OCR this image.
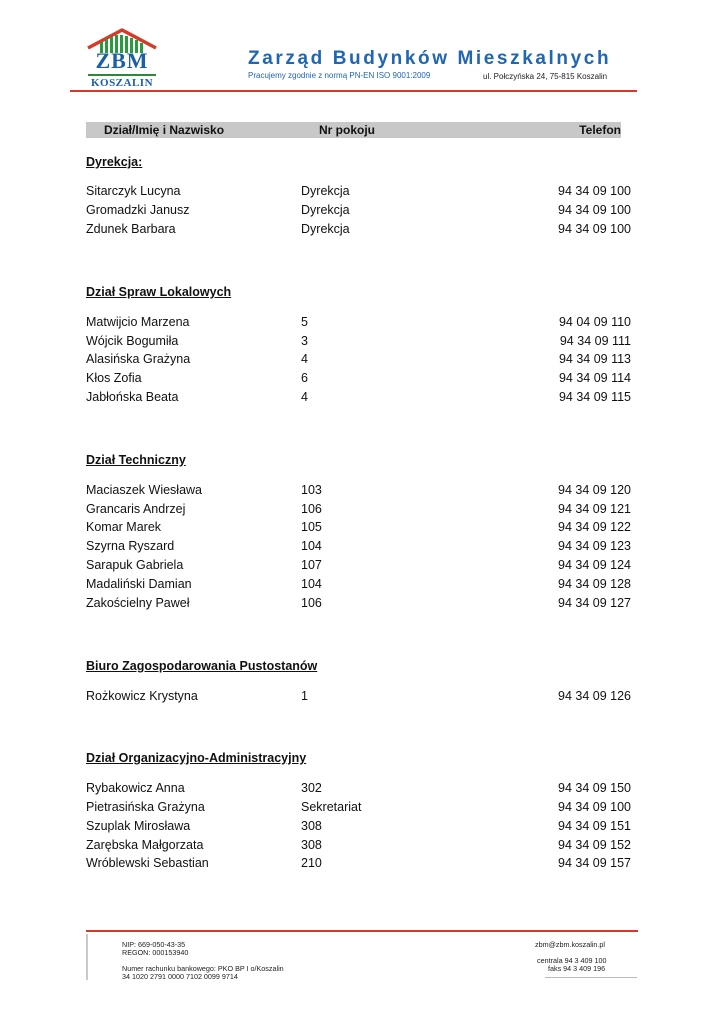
ZBM
KOSZALIN
Zarząd Budynków Mieszkalnych
Pracujemy zgodnie z normą PN-EN ISO 9001:2009	ul. Połczyńska 24, 75-815 Koszalin
Dział/Imię i Nazwisko	Nr pokoju	Telefon
Dyrekcja:
Sitarczyk Lucyna	Dyrekcja	94 34 09 100
Gromadzki Janusz	Dyrekcja	94 34 09 100
Zdunek Barbara	Dyrekcja	94 34 09 100
Dział Spraw Lokalowych
Matwijcio Marzena	5	94 04 09 110
Wójcik Bogumiła	3	94 34 09 111
Alasińska Grażyna	4	94 34 09 113
Kłos Zofia	6	94 34 09 114
Jabłońska Beata	4	94 34 09 115
Dział Techniczny
Maciaszek Wiesława	103	94 34 09 120
Grancaris Andrzej	106	94 34 09 121
Komar Marek	105	94 34 09 122
Szyrna Ryszard	104	94 34 09 123
Sarapuk Gabriela	107	94 34 09 124
Madaliński Damian	104	94 34 09 128
Zakościelny Paweł	106	94 34 09 127
Biuro Zagospodarowania Pustostanów
Rożkowicz Krystyna	1	94 34 09 126
Dział Organizacyjno-Administracyjny
Rybakowicz Anna	302	94 34 09 150
Pietrasińska Grażyna	Sekretariat	94 34 09 100
Szuplak Mirosława	308	94 34 09 151
Zarębska Małgorzata	308	94 34 09 152
Wróblewski Sebastian	210	94 34 09 157
NIP: 669-050-43-35
REGON: 000153940
Numer rachunku bankowego: PKO BP I o/Koszalin
34 1020 2791 0000 7102 0099 9714
zbm@zbm.koszalin.pl
centrala 94 3 409 100
faks 94 3 409 196
